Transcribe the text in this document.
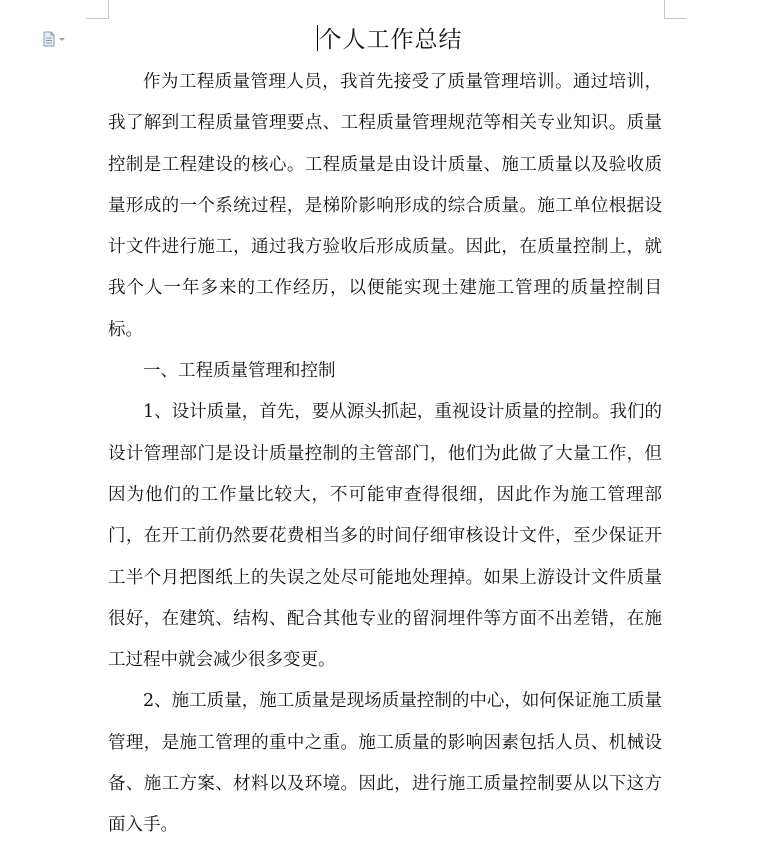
个人工作总结

作为工程质量管理人员，我首先接受了质量管理培训。通过培训，我了解到工程质量管理要点、工程质量管理规范等相关专业知识。质量控制是工程建设的核心。工程质量是由设计质量、施工质量以及验收质量形成的一个系统过程，是梯阶影响形成的综合质量。施工单位根据设计文件进行施工，通过我方验收后形成质量。因此，在质量控制上，就我个人一年多来的工作经历，以便能实现土建施工管理的质量控制目标。

一、工程质量管理和控制

1、设计质量，首先，要从源头抓起，重视设计质量的控制。我们的设计管理部门是设计质量控制的主管部门，他们为此做了大量工作，但因为他们的工作量比较大，不可能审查得很细，因此作为施工管理部门，在开工前仍然要花费相当多的时间仔细审核设计文件，至少保证开工半个月把图纸上的失误之处尽可能地处理掉。如果上游设计文件质量很好，在建筑、结构、配合其他专业的留洞埋件等方面不出差错，在施工过程中就会减少很多变更。

2、施工质量，施工质量是现场质量控制的中心，如何保证施工质量管理，是施工管理的重中之重。施工质量的影响因素包括人员、机械设备、施工方案、材料以及环境。因此，进行施工质量控制要从以下这方面入手。
